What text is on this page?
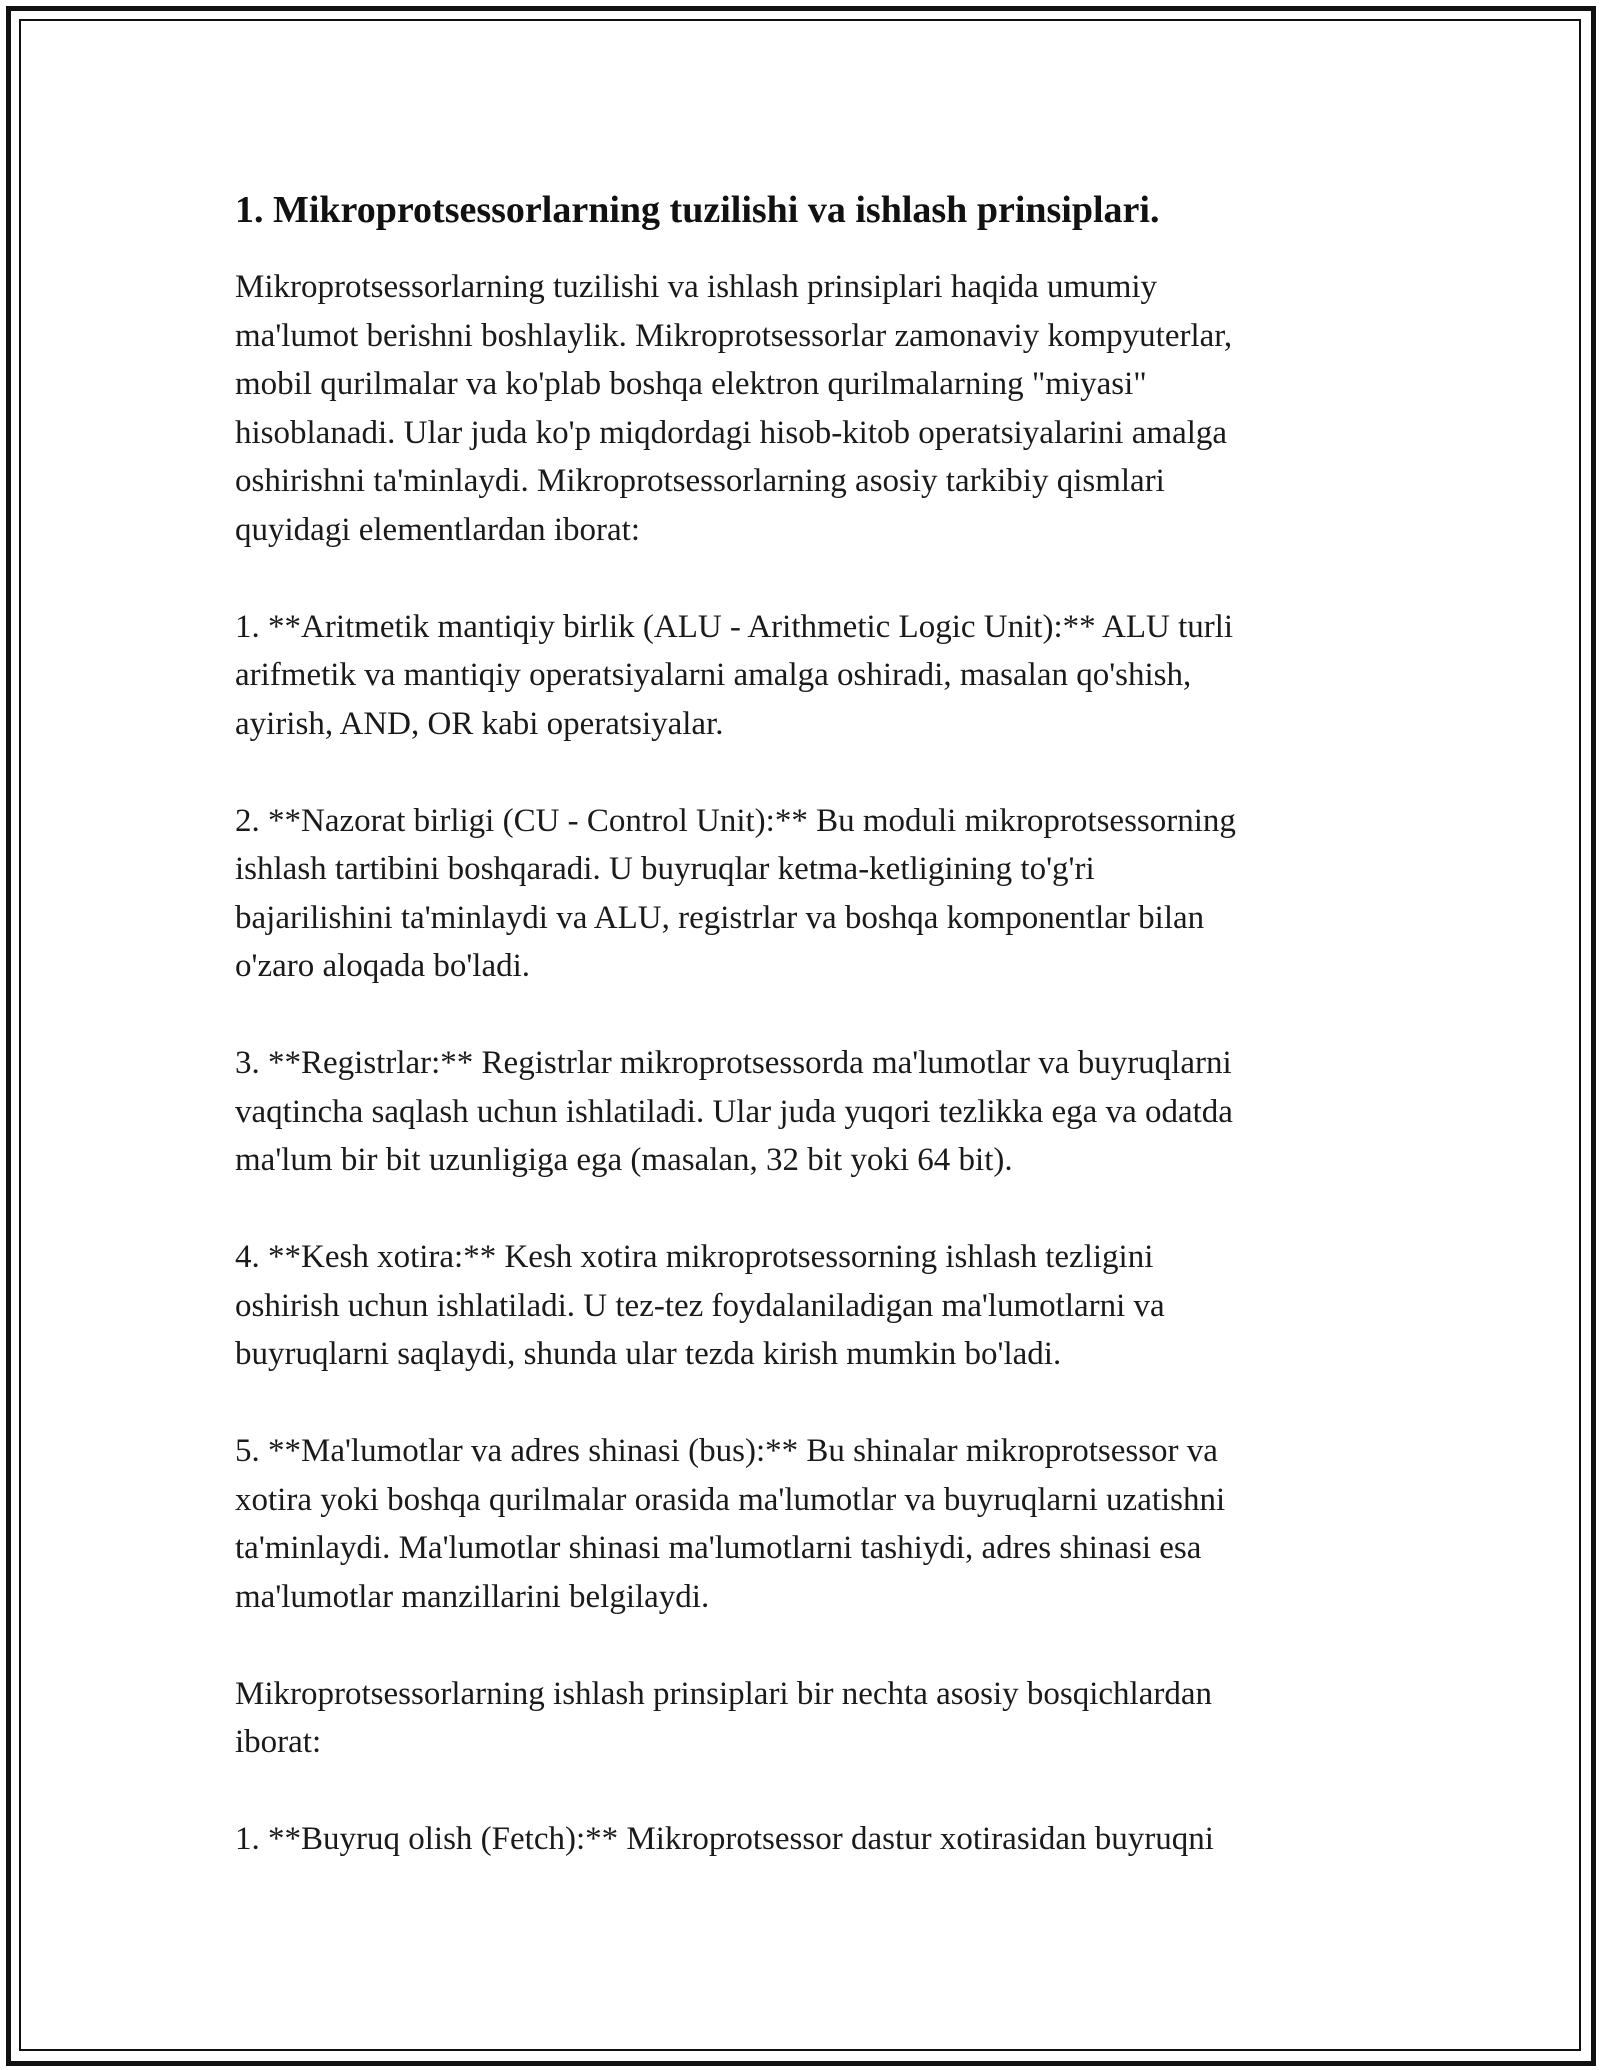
1. Mikroprotsessorlarning tuzilishi va ishlash prinsiplari.

Mikroprotsessorlarning tuzilishi va ishlash prinsiplari haqida umumiy
ma'lumot berishni boshlaylik. Mikroprotsessorlar zamonaviy kompyuterlar,
mobil qurilmalar va ko'plab boshqa elektron qurilmalarning "miyasi"
hisoblanadi. Ular juda ko'p miqdordagi hisob-kitob operatsiyalarini amalga
oshirishni ta'minlaydi. Mikroprotsessorlarning asosiy tarkibiy qismlari
quyidagi elementlardan iborat:

1. **Aritmetik mantiqiy birlik (ALU - Arithmetic Logic Unit):** ALU turli
arifmetik va mantiqiy operatsiyalarni amalga oshiradi, masalan qo'shish,
ayirish, AND, OR kabi operatsiyalar.

2. **Nazorat birligi (CU - Control Unit):** Bu moduli mikroprotsessorning
ishlash tartibini boshqaradi. U buyruqlar ketma-ketligining to'g'ri
bajarilishini ta'minlaydi va ALU, registrlar va boshqa komponentlar bilan
o'zaro aloqada bo'ladi.

3. **Registrlar:** Registrlar mikroprotsessorda ma'lumotlar va buyruqlarni
vaqtincha saqlash uchun ishlatiladi. Ular juda yuqori tezlikka ega va odatda
ma'lum bir bit uzunligiga ega (masalan, 32 bit yoki 64 bit).

4. **Kesh xotira:** Kesh xotira mikroprotsessorning ishlash tezligini
oshirish uchun ishlatiladi. U tez-tez foydalaniladigan ma'lumotlarni va
buyruqlarni saqlaydi, shunda ular tezda kirish mumkin bo'ladi.

5. **Ma'lumotlar va adres shinasi (bus):** Bu shinalar mikroprotsessor va
xotira yoki boshqa qurilmalar orasida ma'lumotlar va buyruqlarni uzatishni
ta'minlaydi. Ma'lumotlar shinasi ma'lumotlarni tashiydi, adres shinasi esa
ma'lumotlar manzillarini belgilaydi.

Mikroprotsessorlarning ishlash prinsiplari bir nechta asosiy bosqichlardan
iborat:

1. **Buyruq olish (Fetch):** Mikroprotsessor dastur xotirasidan buyruqni
